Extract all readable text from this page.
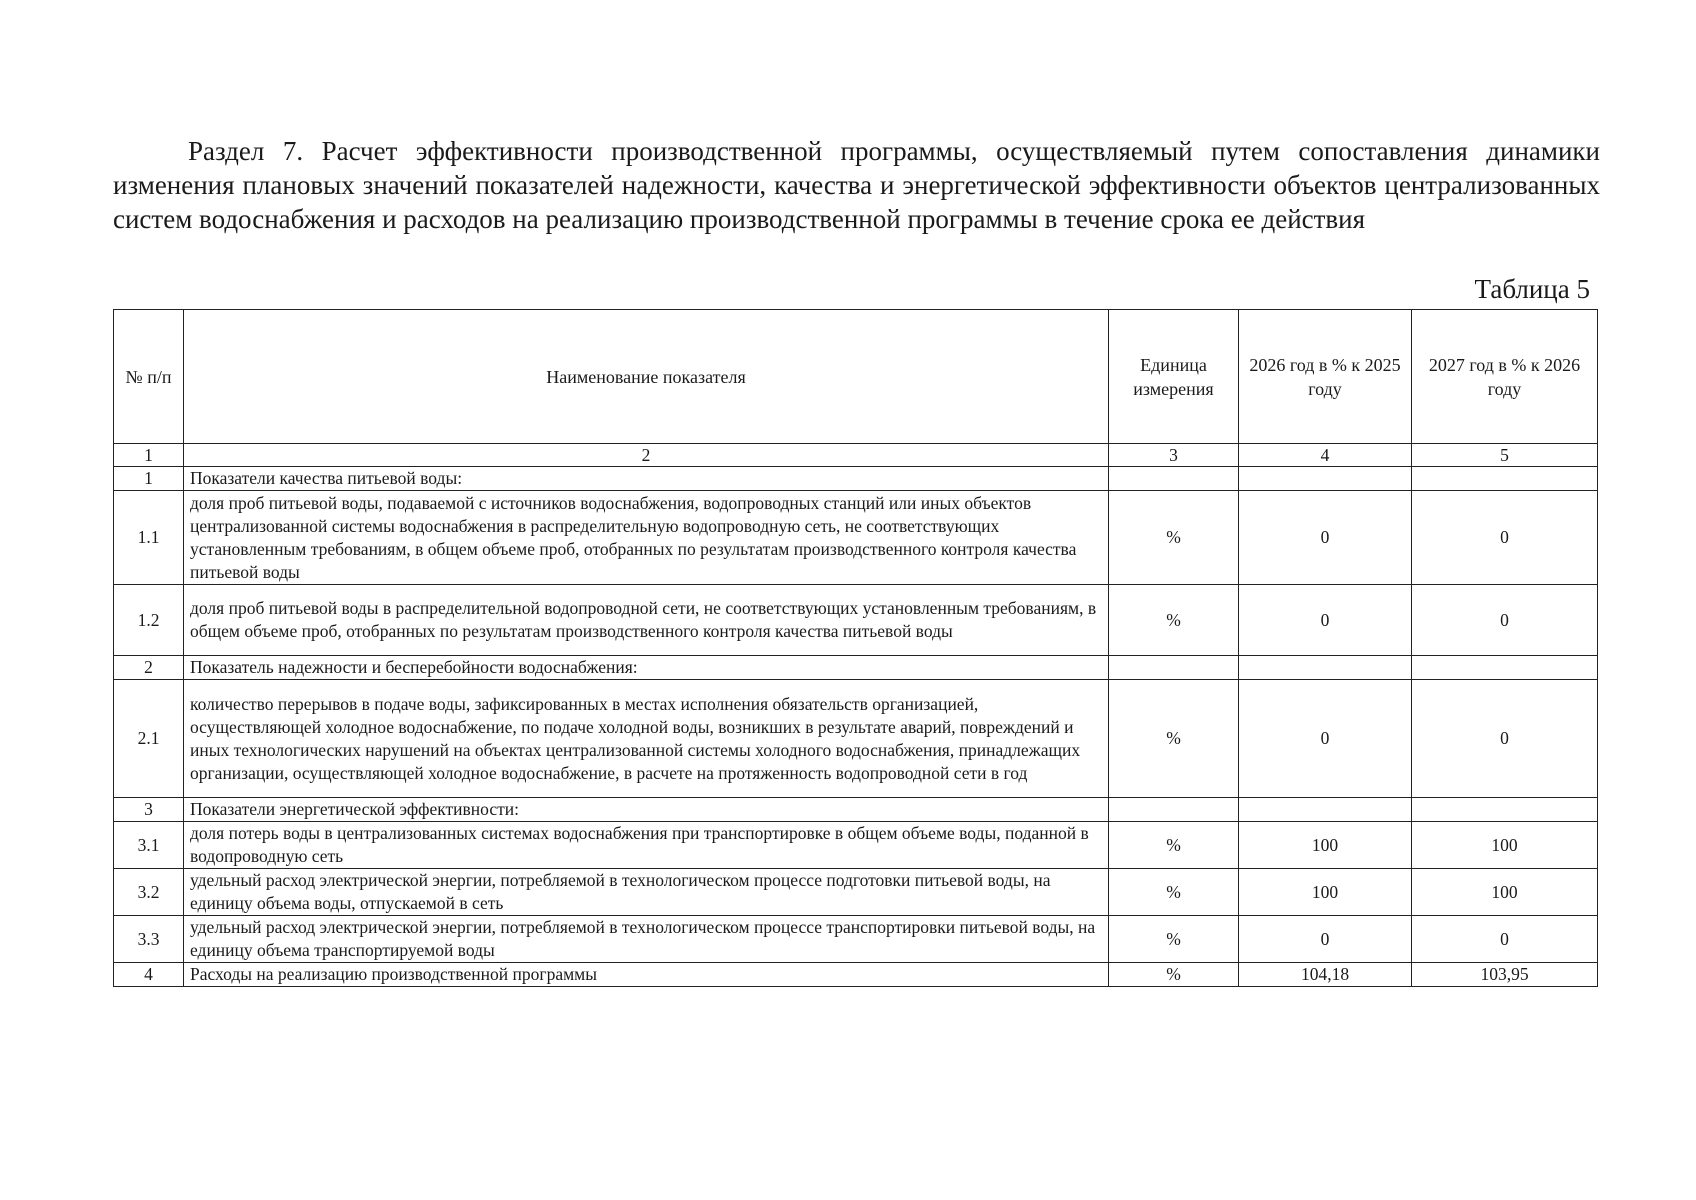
Раздел 7. Расчет эффективности производственной программы, осуществляемый путем сопоставления динамики изменения плановых значений показателей надежности, качества и энергетической эффективности объектов централизованных систем водоснабжения и расходов на реализацию производственной программы в течение срока ее действия

Таблица 5

№ п/п	Наименование показателя	Единица измерения	2026 год в % к 2025 году	2027 год в % к 2026 году
1	2	3	4	5
1	Показатели качества питьевой воды:			
1.1	доля проб питьевой воды, подаваемой с источников водоснабжения, водопроводных станций или иных объектов централизованной системы водоснабжения в распределительную водопроводную сеть, не соответствующих установленным требованиям, в общем объеме проб, отобранных по результатам производственного контроля качества питьевой воды	%	0	0
1.2	доля проб питьевой воды в распределительной водопроводной сети, не соответствующих установленным требованиям, в общем объеме проб, отобранных по результатам производственного контроля качества питьевой воды	%	0	0
2	Показатель надежности и бесперебойности водоснабжения:			
2.1	количество перерывов в подаче воды, зафиксированных в местах исполнения обязательств организацией, осуществляющей холодное водоснабжение, по подаче холодной воды, возникших в результате аварий, повреждений и иных технологических нарушений на объектах централизованной системы холодного водоснабжения, принадлежащих организации, осуществляющей холодное водоснабжение, в расчете на протяженность водопроводной сети в год	%	0	0
3	Показатели энергетической эффективности:			
3.1	доля потерь воды в централизованных системах водоснабжения при транспортировке в общем объеме воды, поданной в водопроводную сеть	%	100	100
3.2	удельный расход электрической энергии, потребляемой в технологическом процессе подготовки питьевой воды, на единицу объема воды, отпускаемой в сеть	%	100	100
3.3	удельный расход электрической энергии, потребляемой в технологическом процессе транспортировки питьевой воды, на единицу объема транспортируемой воды	%	0	0
4	Расходы на реализацию производственной программы	%	104,18	103,95
